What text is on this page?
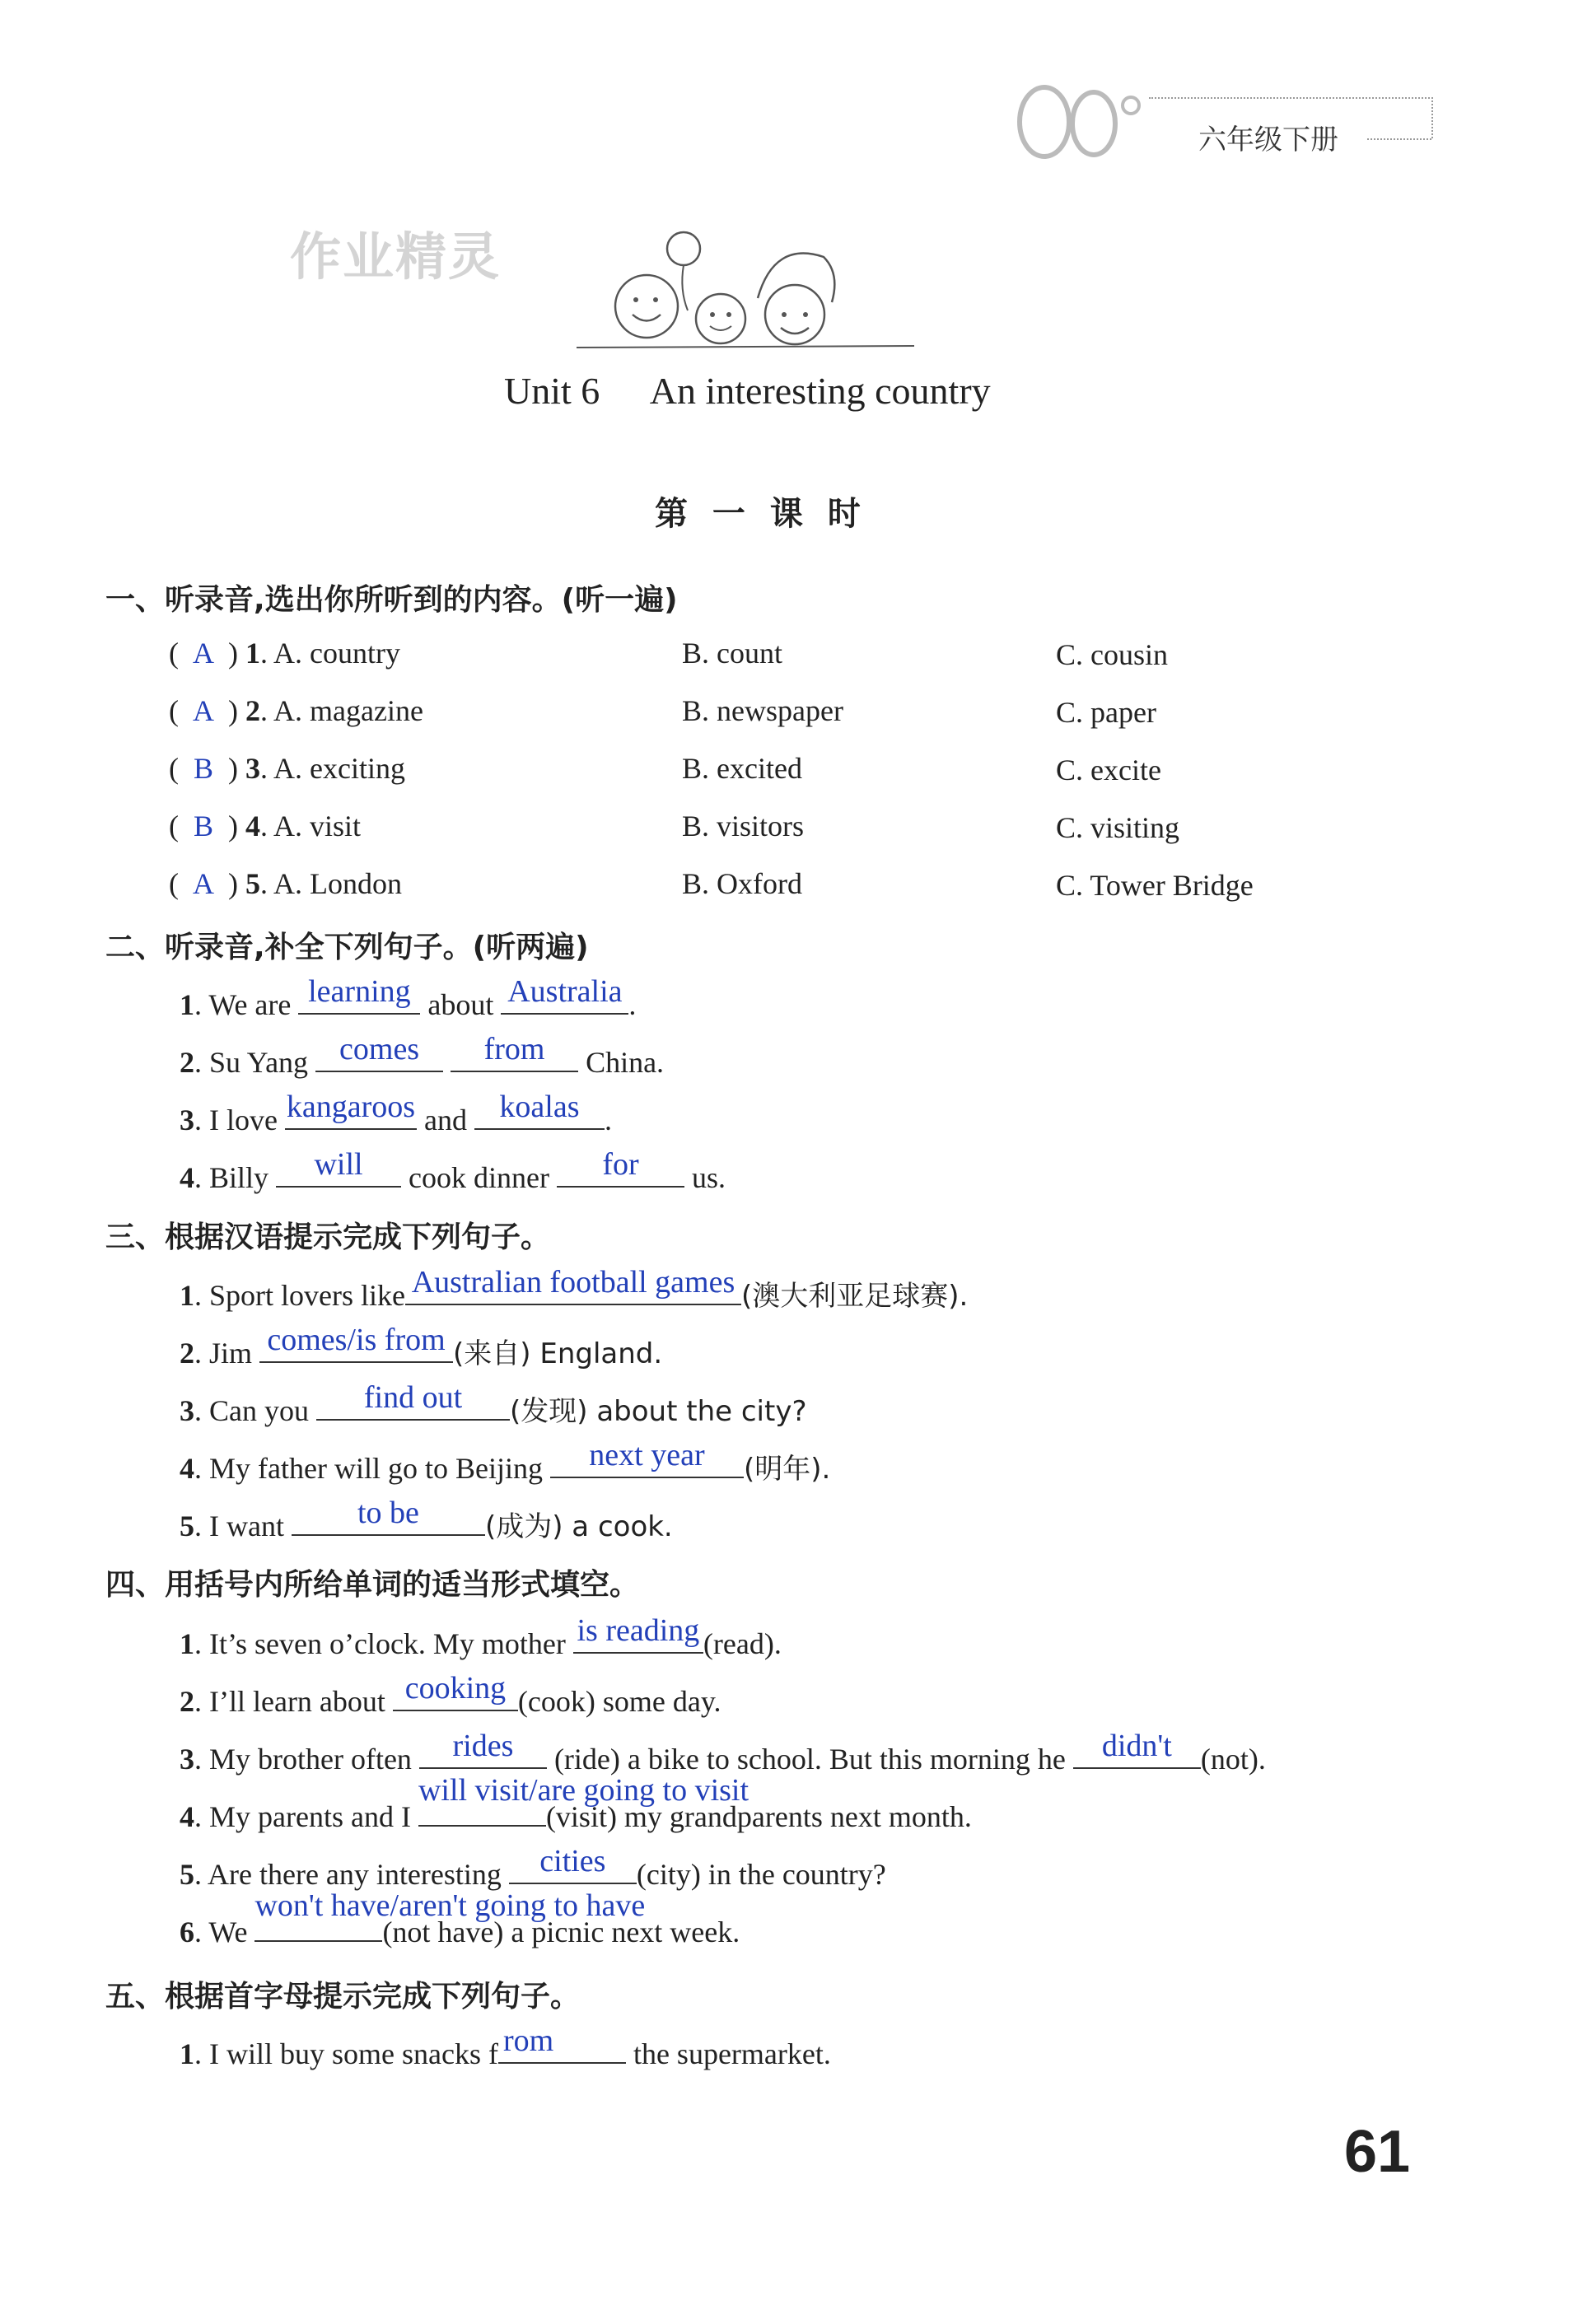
六年级下册
作业精灵
Unit 6 An interesting country
第 一 课 时
一、听录音,选出你所听到的内容。(听一遍)
( A ) 1. A. country	B. count	C. cousin
( A ) 2. A. magazine	B. newspaper	C. paper
( B ) 3. A. exciting	B. excited	C. excite
( B ) 4. A. visit	B. visitors	C. visiting
( A ) 5. A. London	B. Oxford	C. Tower Bridge
二、听录音,补全下列句子。(听两遍)
1. We are learning about Australia .
2. Su Yang comes
	from	China.
3. I love kangaroos and	koalas .
4. Billy	will	cook dinner	for	us.
三、根据汉语提示完成下列句子。
1. Sport lovers like Australian football games (澳大利亚足球赛).
2. Jim comes/is from (来自) England.
3. Can you	find out	(发现) about the city?
4. My father will go to Beijing	next year	(明年).
5. I want	to be	(成为) a cook.
四、用括号内所给单词的适当形式填空。
1. It’s seven o’clock. My mother is reading (read).
2. I’ll learn about cooking (cook) some day.
3. My brother often	rides	(ride) a bike to school. But this morning he	didn't (not).
4. My parents and I
will visit/are going to visit
(visit) my grandparents next month.
5. Are there any interesting	cities	(city) in the country?
6. We
won't have/aren't going to have
(not have) a picnic next week.
五、根据首字母提示完成下列句子。
1. I will buy some snacks f rom	the supermarket.
61
